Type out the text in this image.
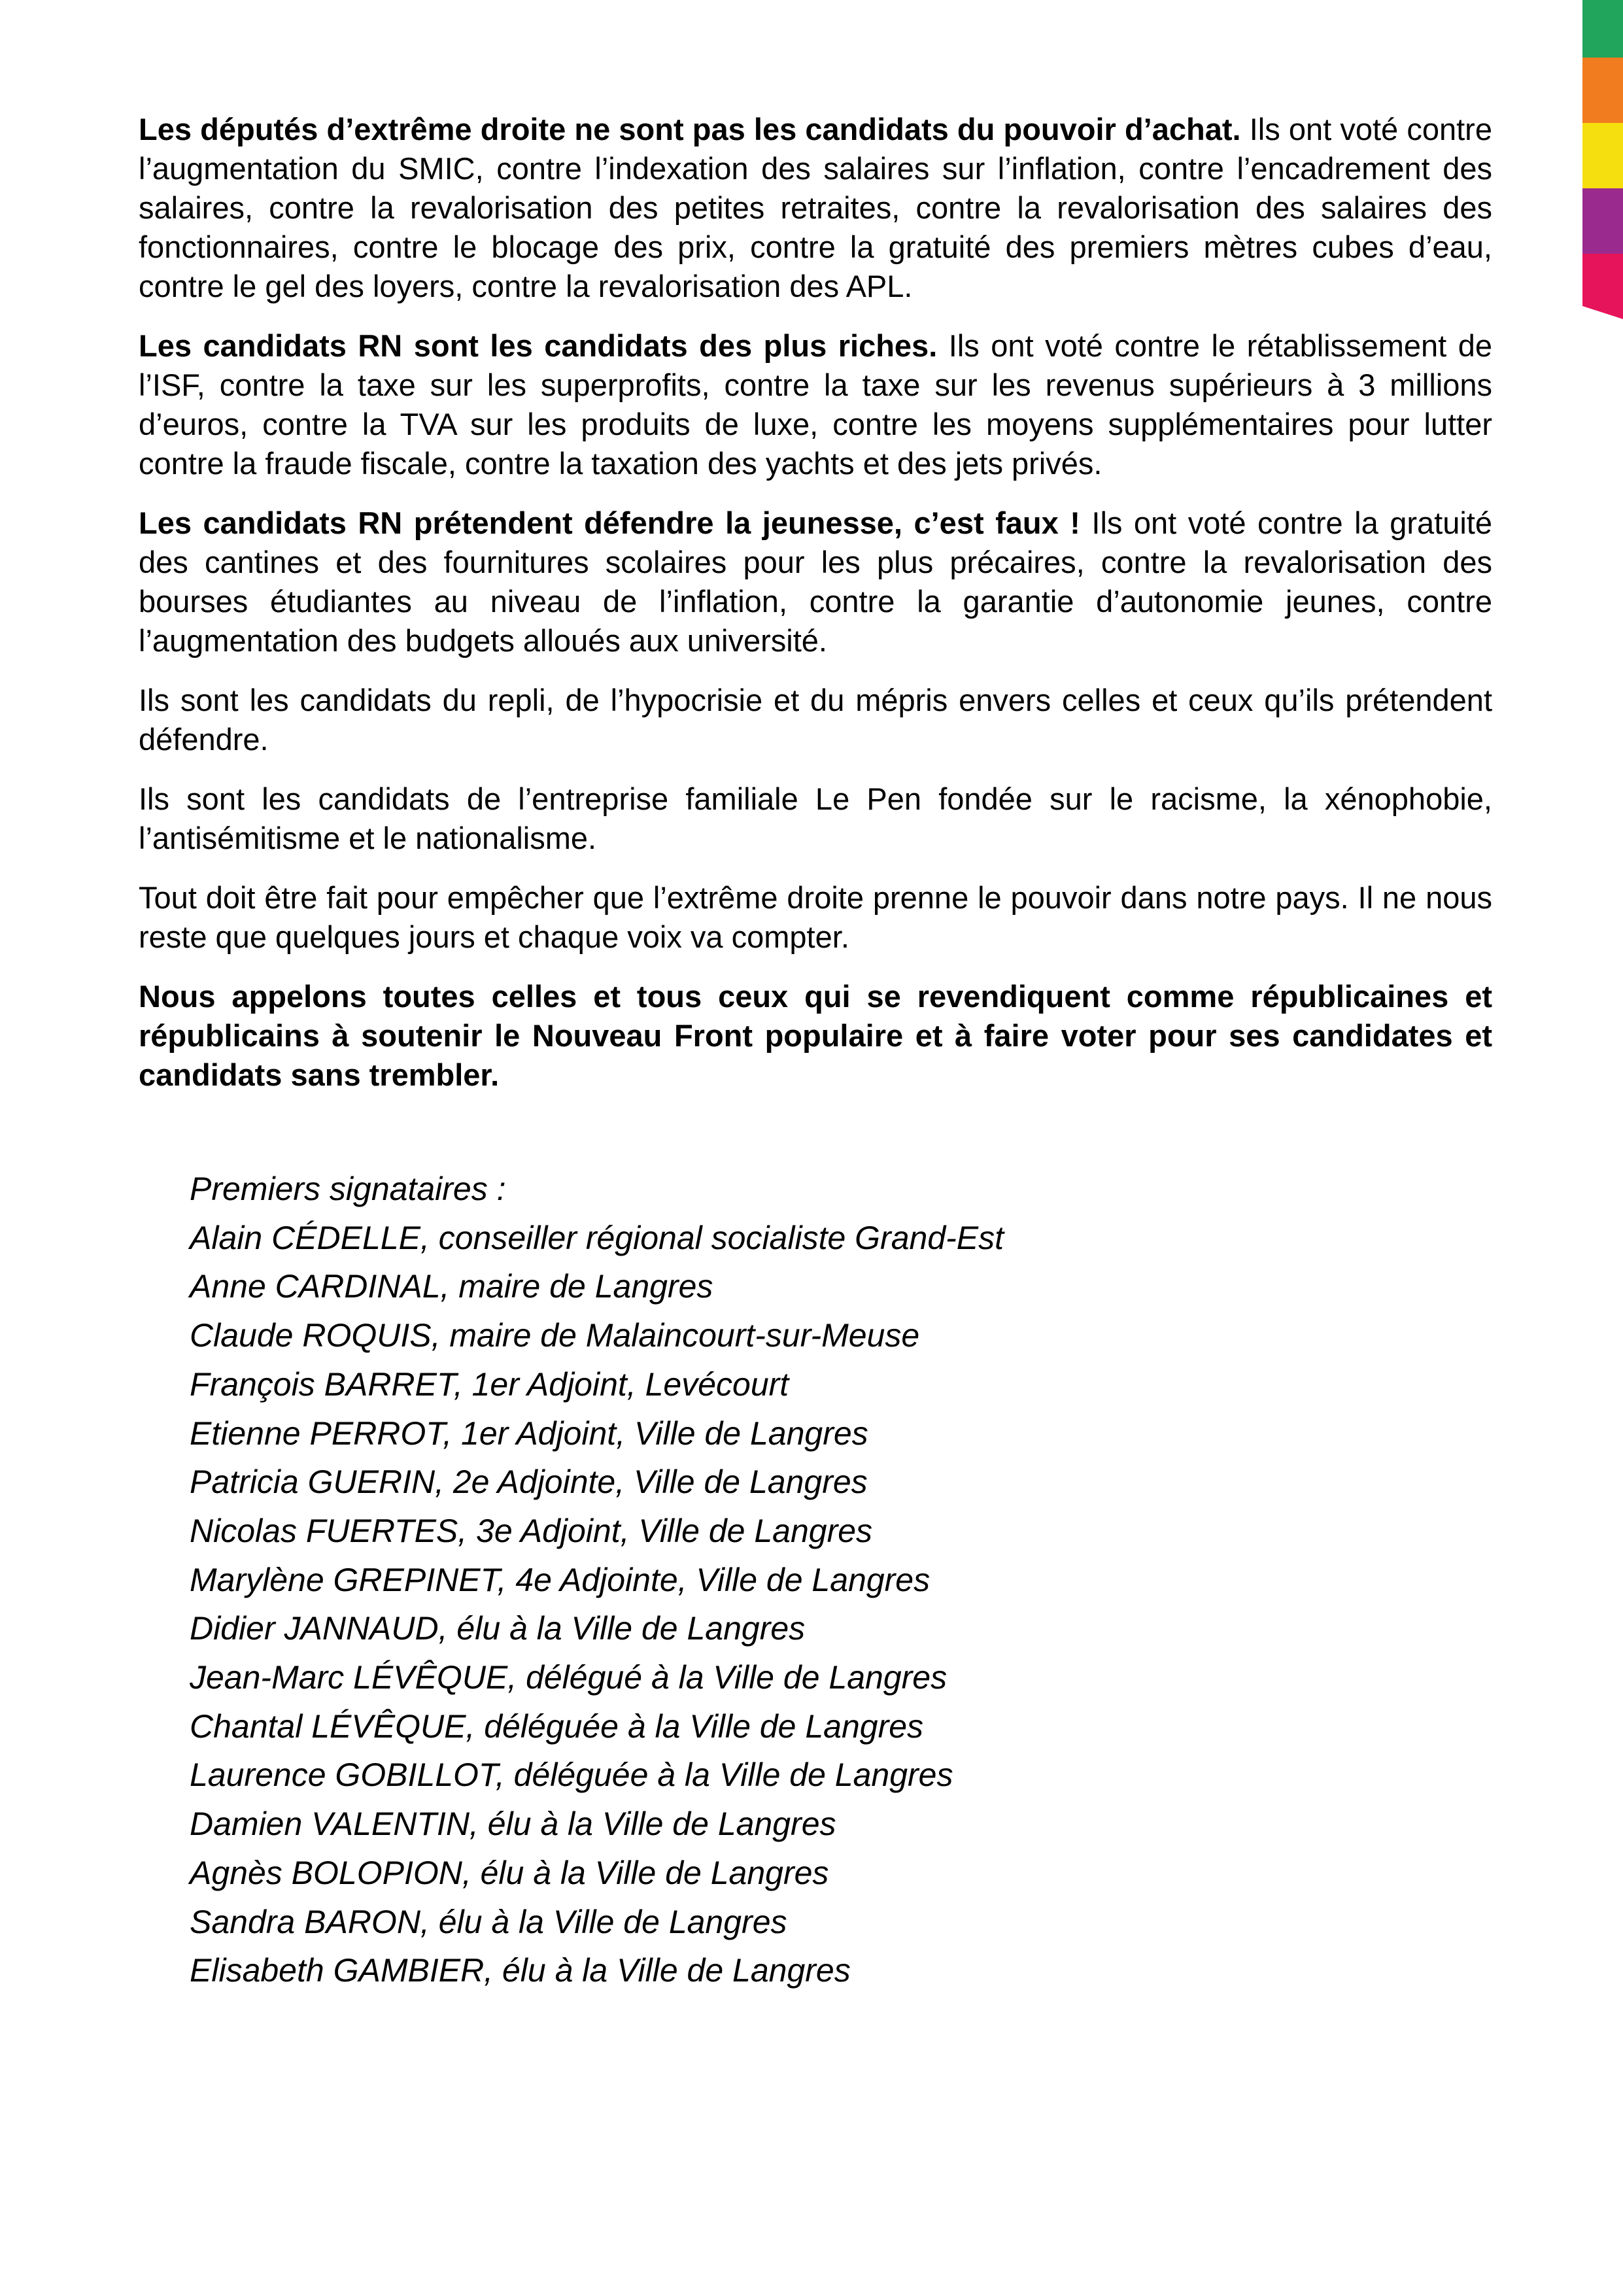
Les députés d’extrême droite ne sont pas les candidats du pouvoir d’achat. Ils ont voté contre l’augmentation du SMIC, contre l’indexation des salaires sur l’inflation, contre l’encadrement des salaires, contre la revalorisation des petites retraites, contre la revalorisation des salaires des fonctionnaires, contre le blocage des prix, contre la gratuité des premiers mètres cubes d’eau, contre le gel des loyers, contre la revalorisation des APL.

Les candidats RN sont les candidats des plus riches. Ils ont voté contre le rétablissement de l’ISF, contre la taxe sur les superprofits, contre la taxe sur les revenus supérieurs à 3 millions d’euros, contre la TVA sur les produits de luxe, contre les moyens supplémentaires pour lutter contre la fraude fiscale, contre la taxation des yachts et des jets privés.

Les candidats RN prétendent défendre la jeunesse, c’est faux ! Ils ont voté contre la gratuité des cantines et des fournitures scolaires pour les plus précaires, contre la revalorisation des bourses étudiantes au niveau de l’inflation, contre la garantie d’autonomie jeunes, contre l’augmentation des budgets alloués aux université.

Ils sont les candidats du repli, de l’hypocrisie et du mépris envers celles et ceux qu’ils prétendent défendre.

Ils sont les candidats de l’entreprise familiale Le Pen fondée sur le racisme, la xénophobie, l’antisémitisme et le nationalisme.

Tout doit être fait pour empêcher que l’extrême droite prenne le pouvoir dans notre pays. Il ne nous reste que quelques jours et chaque voix va compter.

Nous appelons toutes celles et tous ceux qui se revendiquent comme républicaines et républicains à soutenir le Nouveau Front populaire et à faire voter pour ses candidates et candidats sans trembler.

Premiers signataires :
Alain CÉDELLE, conseiller régional socialiste Grand-Est
Anne CARDINAL, maire de Langres
Claude ROQUIS, maire de Malaincourt-sur-Meuse
François BARRET, 1er Adjoint, Levécourt
Etienne PERROT, 1er Adjoint, Ville de Langres
Patricia GUERIN, 2e Adjointe, Ville de Langres
Nicolas FUERTES, 3e Adjoint, Ville de Langres
Marylène GREPINET, 4e Adjointe, Ville de Langres
Didier JANNAUD, élu à la Ville de Langres
Jean-Marc LÉVÊQUE, délégué à la Ville de Langres
Chantal LÉVÊQUE, déléguée à la Ville de Langres
Laurence GOBILLOT, déléguée à la Ville de Langres
Damien VALENTIN, élu à la Ville de Langres
Agnès BOLOPION, élu à la Ville de Langres
Sandra BARON, élu à la Ville de Langres
Elisabeth GAMBIER, élu à la Ville de Langres
